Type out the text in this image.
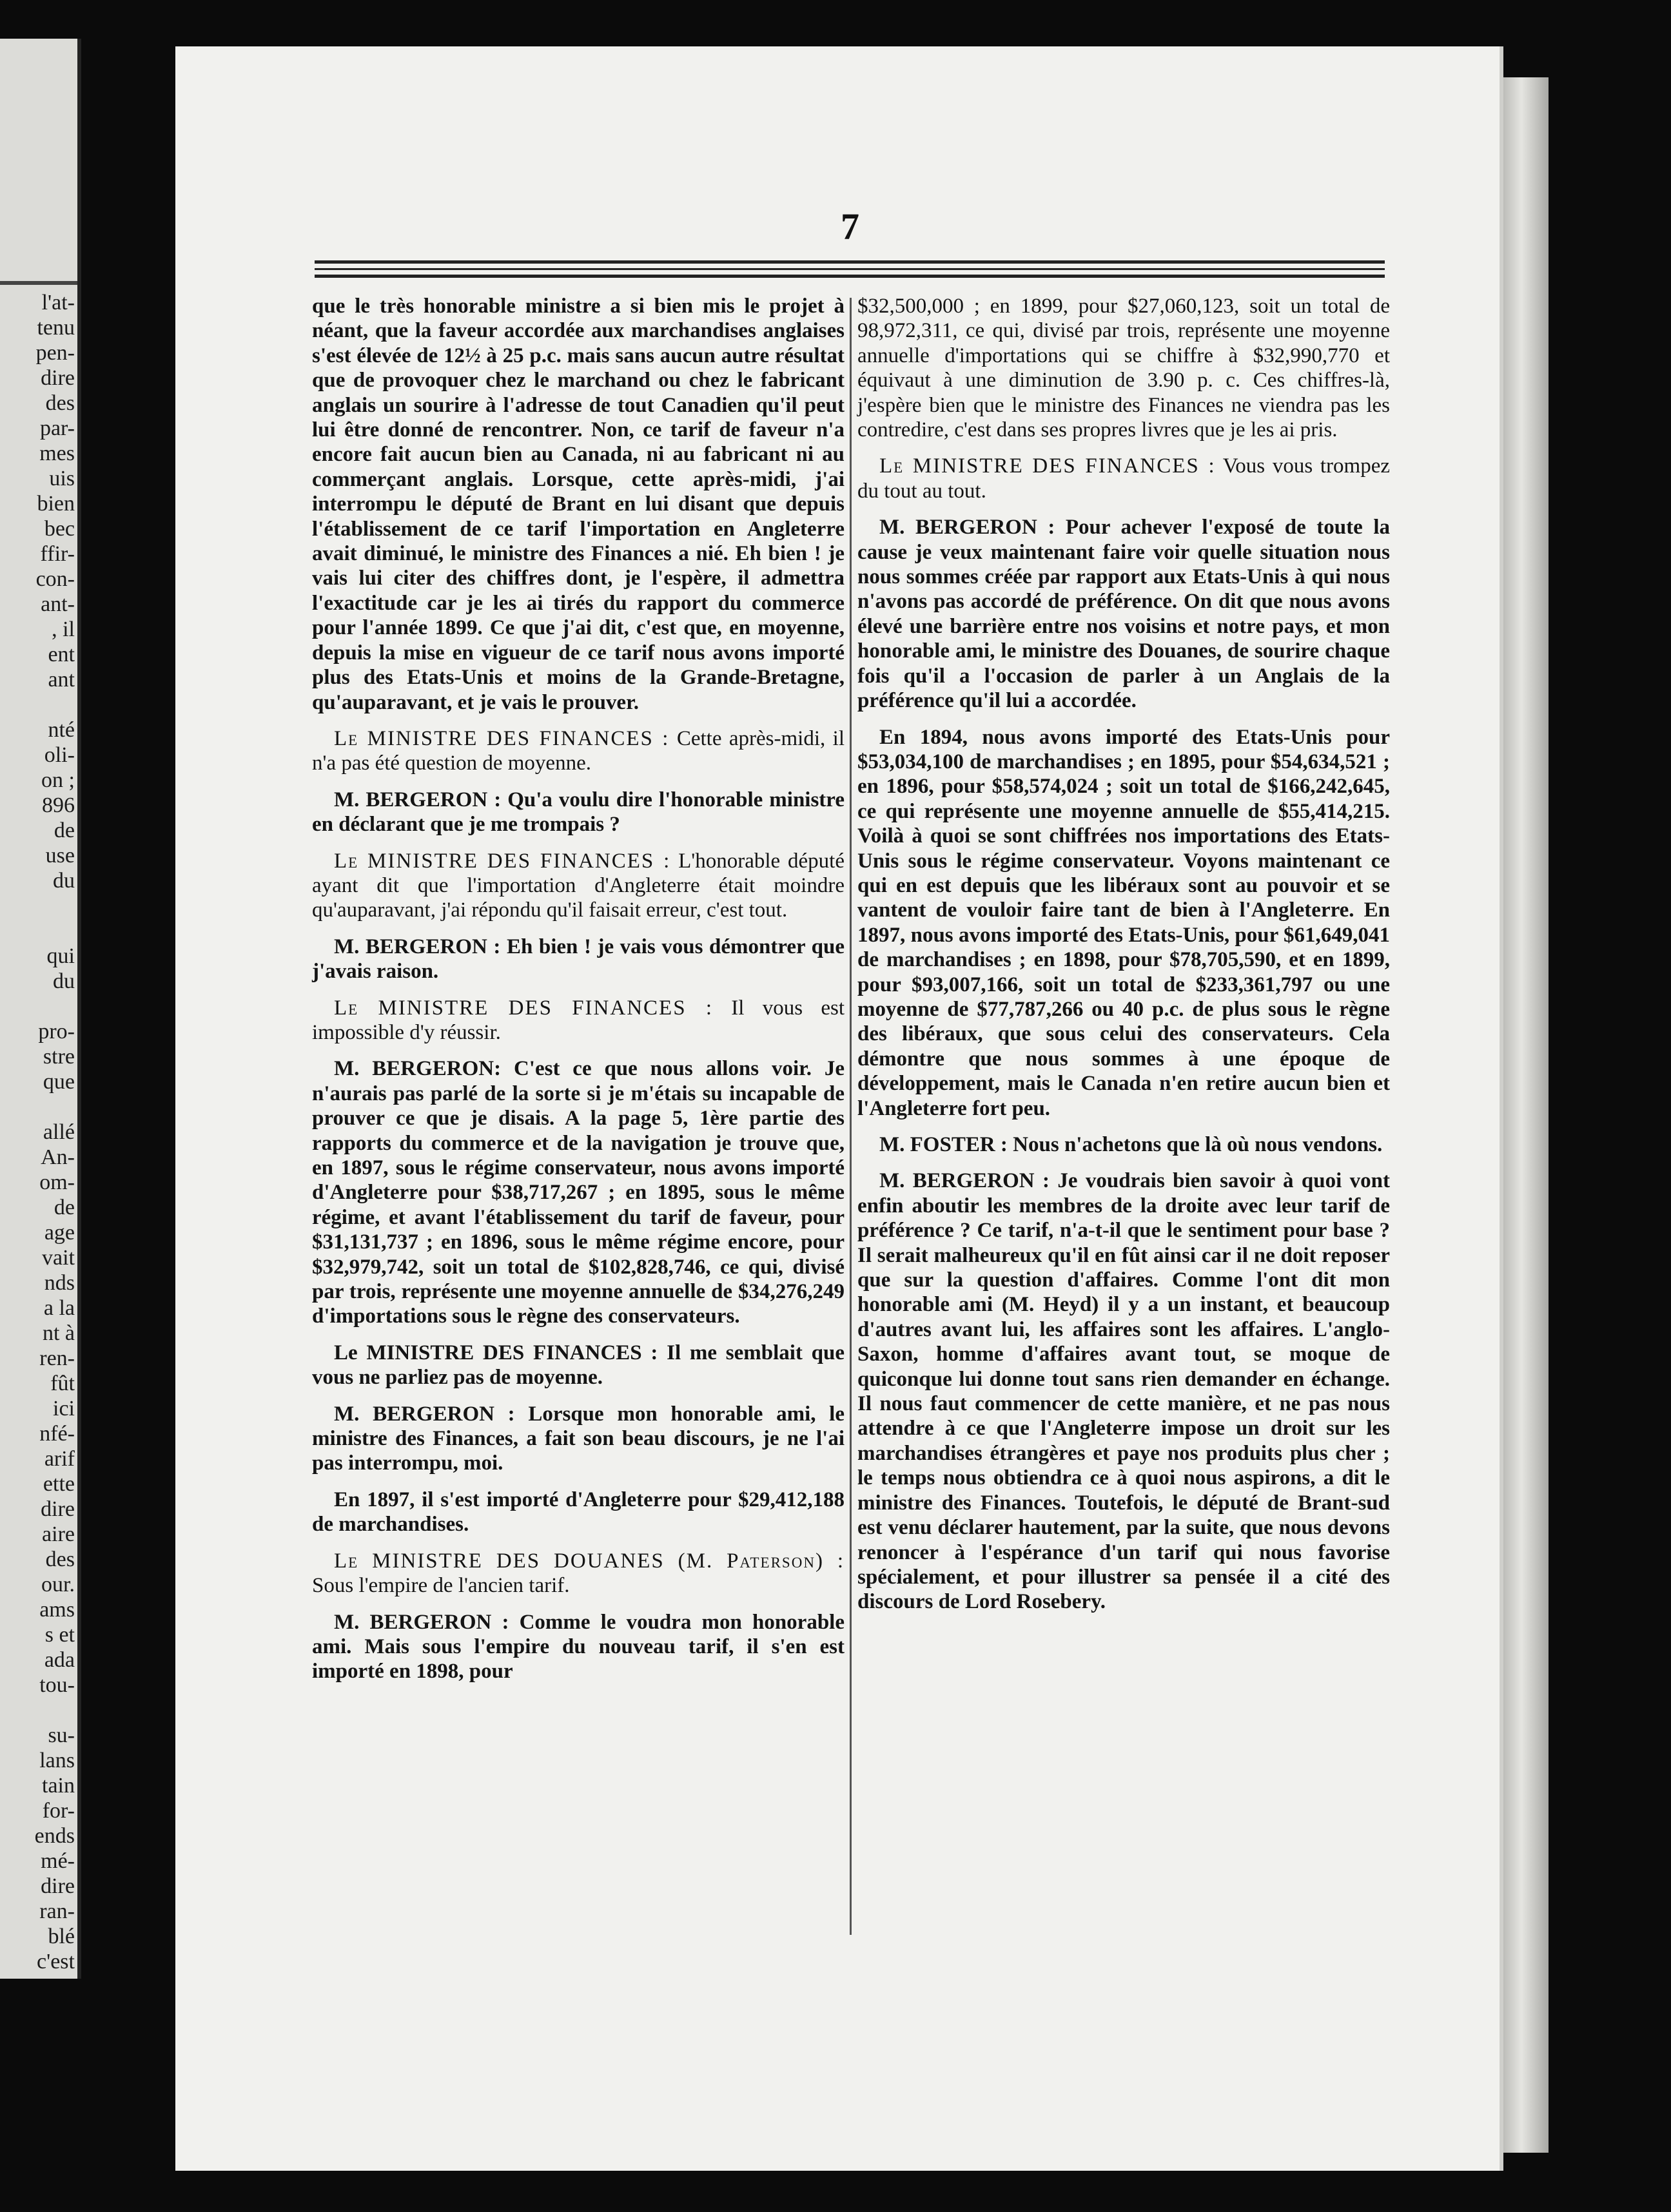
l'at-
tenu
pen-
dire
des
par-
mes
uis
bien
bec
ffir-
con-
ant-
, il
ent
ant

nté
oli-
on ;
896
de
use
du

qui
du

pro-
stre
que

allé
An-
om-
de
age
vait
nds
a la
nt à
ren-
fût
ici
nfé-
arif
ette
dire
aire
des
our.
ams
s et
ada
tou-

su-
lans
tain
for-
ends
mé-
dire
ran-
blé
c'est
7

que le très honorable ministre a si bien mis le projet à néant, que la faveur accordée aux marchandises anglaises s'est élevée de 12½ à 25 p.c. mais sans aucun autre résultat que de provoquer chez le marchand ou chez le fabricant anglais un sourire à l'adresse de tout Canadien qu'il peut lui être donné de rencontrer. Non, ce tarif de faveur n'a encore fait aucun bien au Canada, ni au fabricant ni au commerçant anglais. Lorsque, cette après-midi, j'ai interrompu le député de Brant en lui disant que depuis l'établissement de ce tarif l'importation en Angleterre avait diminué, le ministre des Finances a nié. Eh bien ! je vais lui citer des chiffres dont, je l'espère, il admettra l'exactitude car je les ai tirés du rapport du commerce pour l'année 1899. Ce que j'ai dit, c'est que, en moyenne, depuis la mise en vigueur de ce tarif nous avons importé plus des Etats-Unis et moins de la Grande-Bretagne, qu'auparavant, et je vais le prouver.

Le MINISTRE DES FINANCES : Cette après-midi, il n'a pas été question de moyenne.

M. BERGERON : Qu'a voulu dire l'honorable ministre en déclarant que je me trompais ?

Le MINISTRE DES FINANCES : L'honorable député ayant dit que l'importation d'Angleterre était moindre qu'auparavant, j'ai répondu qu'il faisait erreur, c'est tout.

M. BERGERON : Eh bien ! je vais vous démontrer que j'avais raison.

Le MINISTRE DES FINANCES : Il vous est impossible d'y réussir.

M. BERGERON: C'est ce que nous allons voir. Je n'aurais pas parlé de la sorte si je m'étais su incapable de prouver ce que je disais. A la page 5, 1ère partie des rapports du commerce et de la navigation je trouve que, en 1897, sous le régime conservateur, nous avons importé d'Angleterre pour $38,717,267 ; en 1895, sous le même régime, et avant l'établissement du tarif de faveur, pour $31,131,737 ; en 1896, sous le même régime encore, pour $32,979,742, soit un total de $102,828,746, ce qui, divisé par trois, représente une moyenne annuelle de $34,276,249 d'importations sous le règne des conservateurs.

Le MINISTRE DES FINANCES : Il me semblait que vous ne parliez pas de moyenne.

M. BERGERON : Lorsque mon honorable ami, le ministre des Finances, a fait son beau discours, je ne l'ai pas interrompu, moi.

En 1897, il s'est importé d'Angleterre pour $29,412,188 de marchandises.

Le MINISTRE DES DOUANES (M. Paterson) : Sous l'empire de l'ancien tarif.

M. BERGERON : Comme le voudra mon honorable ami. Mais sous l'empire du nouveau tarif, il s'en est importé en 1898, pour

$32,500,000 ; en 1899, pour $27,060,123, soit un total de 98,972,311, ce qui, divisé par trois, représente une moyenne annuelle d'importations qui se chiffre à $32,990,770 et équivaut à une diminution de 3.90 p. c. Ces chiffres-là, j'espère bien que le ministre des Finances ne viendra pas les contredire, c'est dans ses propres livres que je les ai pris.

Le MINISTRE DES FINANCES : Vous vous trompez du tout au tout.

M. BERGERON : Pour achever l'exposé de toute la cause je veux maintenant faire voir quelle situation nous nous sommes créée par rapport aux Etats-Unis à qui nous n'avons pas accordé de préférence. On dit que nous avons élevé une barrière entre nos voisins et notre pays, et mon honorable ami, le ministre des Douanes, de sourire chaque fois qu'il a l'occasion de parler à un Anglais de la préférence qu'il lui a accordée.

En 1894, nous avons importé des Etats-Unis pour $53,034,100 de marchandises ; en 1895, pour $54,634,521 ; en 1896, pour $58,574,024 ; soit un total de $166,242,645, ce qui représente une moyenne annuelle de $55,414,215. Voilà à quoi se sont chiffrées nos importations des Etats-Unis sous le régime conservateur. Voyons maintenant ce qui en est depuis que les libéraux sont au pouvoir et se vantent de vouloir faire tant de bien à l'Angleterre. En 1897, nous avons importé des Etats-Unis, pour $61,649,041 de marchandises ; en 1898, pour $78,705,590, et en 1899, pour $93,007,166, soit un total de $233,361,797 ou une moyenne de $77,787,266 ou 40 p.c. de plus sous le règne des libéraux, que sous celui des conservateurs. Cela démontre que nous sommes à une époque de développement, mais le Canada n'en retire aucun bien et l'Angleterre fort peu.

M. FOSTER : Nous n'achetons que là où nous vendons.

M. BERGERON : Je voudrais bien savoir à quoi vont enfin aboutir les membres de la droite avec leur tarif de préférence ? Ce tarif, n'a-t-il que le sentiment pour base ? Il serait malheureux qu'il en fût ainsi car il ne doit reposer que sur la question d'affaires. Comme l'ont dit mon honorable ami (M. Heyd) il y a un instant, et beaucoup d'autres avant lui, les affaires sont les affaires. L'anglo-Saxon, homme d'affaires avant tout, se moque de quiconque lui donne tout sans rien demander en échange. Il nous faut commencer de cette manière, et ne pas nous attendre à ce que l'Angleterre impose un droit sur les marchandises étrangères et paye nos produits plus cher ; le temps nous obtiendra ce à quoi nous aspirons, a dit le ministre des Finances. Toutefois, le député de Brant-sud est venu déclarer hautement, par la suite, que nous devons renoncer à l'espérance d'un tarif qui nous favorise spécialement, et pour illustrer sa pensée il a cité des discours de Lord Rosebery.
